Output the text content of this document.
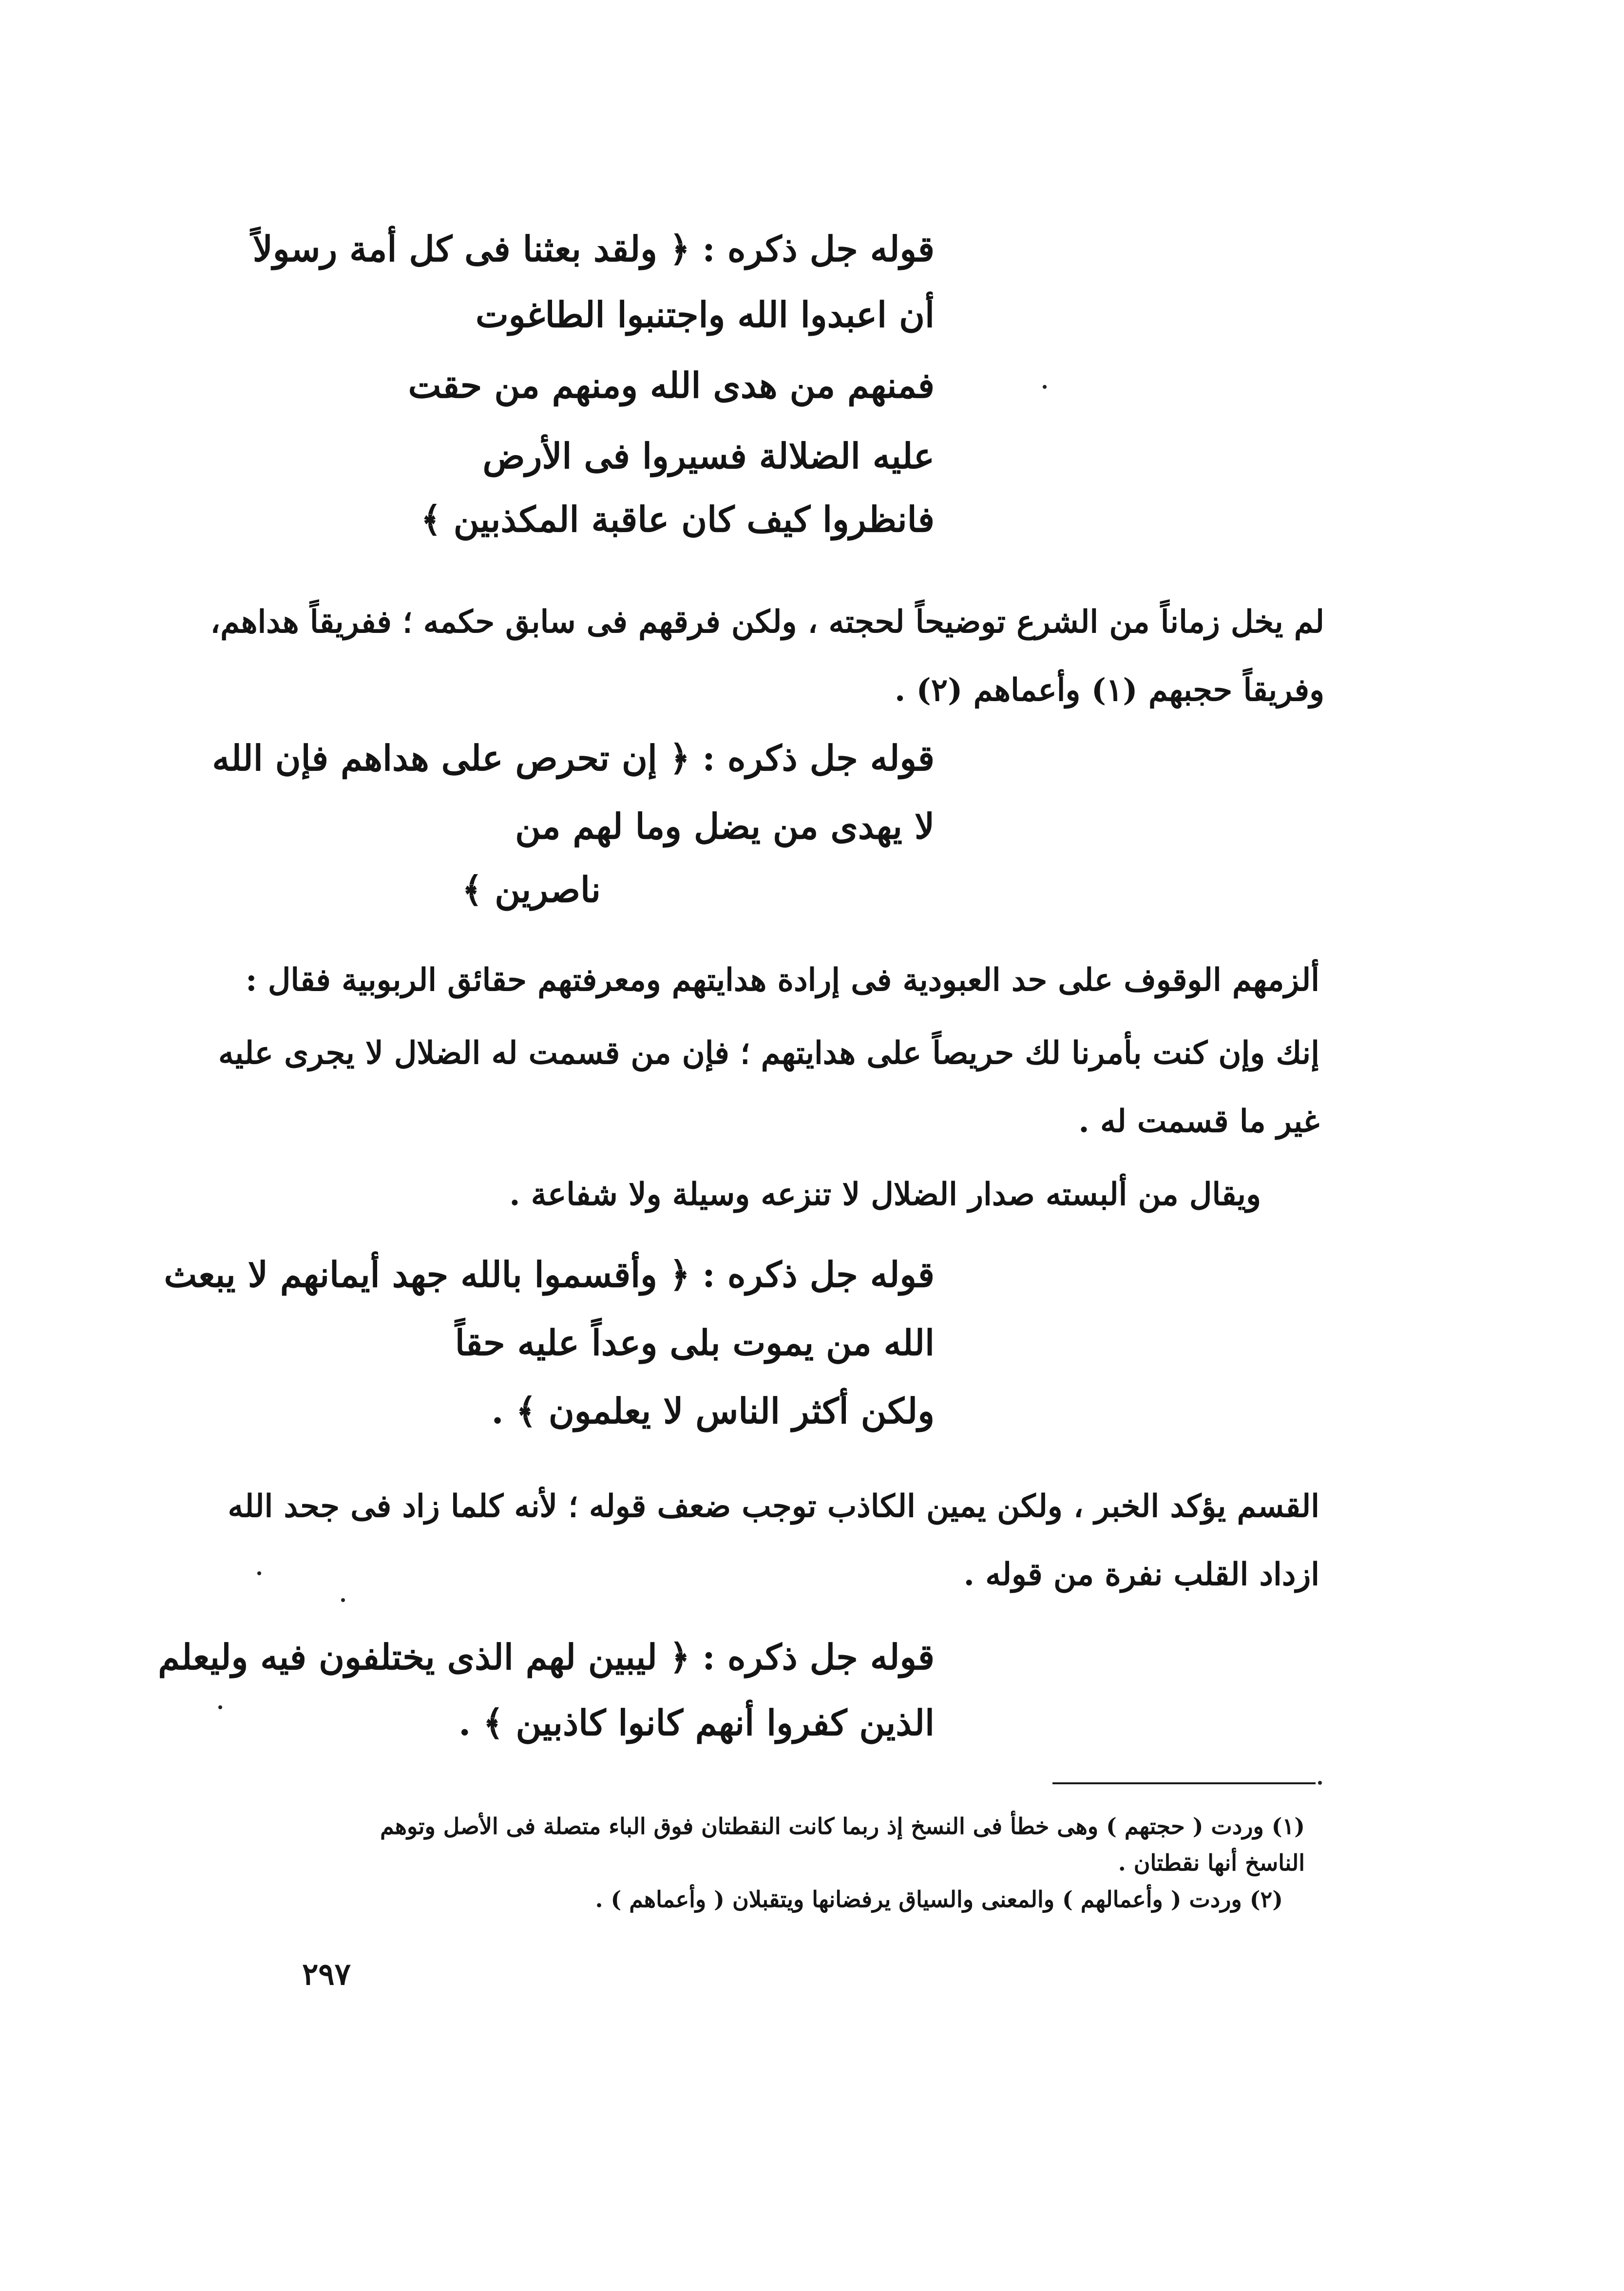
قوله جل ذكره : ﴿ ولقد بعثنا فى كل أمة رسولاً
أن اعبدوا الله واجتنبوا الطاغوت
فمنهم من هدى الله ومنهم من حقت
عليه الضلالة فسيروا فى الأرض
فانظروا كيف كان عاقبة المكذبين ﴾
لم يخل زماناً من الشرع توضيحاً لحجته ، ولكن فرقهم فى سابق حكمه ؛ ففريقاً هداهم،
وفريقاً حجبهم (١) وأعماهم (٢) .
قوله جل ذكره : ﴿ إن تحرص على هداهم فإن الله
لا يهدى من يضل وما لهم من
ناصرين ﴾
ألزمهم الوقوف على حد العبودية فى إرادة هدايتهم ومعرفتهم حقائق الربوبية فقال :
إنك وإن كنت بأمرنا لك حريصاً على هدايتهم ؛ فإن من قسمت له الضلال لا يجرى عليه
غير ما قسمت له .
ويقال من ألبسته صدار الضلال لا تنزعه وسيلة ولا شفاعة .
قوله جل ذكره : ﴿ وأقسموا بالله جهد أيمانهم لا يبعث
الله من يموت بلى وعداً عليه حقاً
ولكن أكثر الناس لا يعلمون ﴾ .
القسم يؤكد الخبر ، ولكن يمين الكاذب توجب ضعف قوله ؛ لأنه كلما زاد فى جحد الله
ازداد القلب نفرة من قوله .
قوله جل ذكره : ﴿ ليبين لهم الذى يختلفون فيه وليعلم
الذين كفروا أنهم كانوا كاذبين ﴾ .
(١) وردت ( حجتهم ) وهى خطأ فى النسخ إذ ربما كانت النقطتان فوق الباء متصلة فى الأصل وتوهم
الناسخ أنها نقطتان .
(٢) وردت ( وأعمالهم ) والمعنى والسياق يرفضانها ويتقبلان ( وأعماهم ) .
٢٩٧
